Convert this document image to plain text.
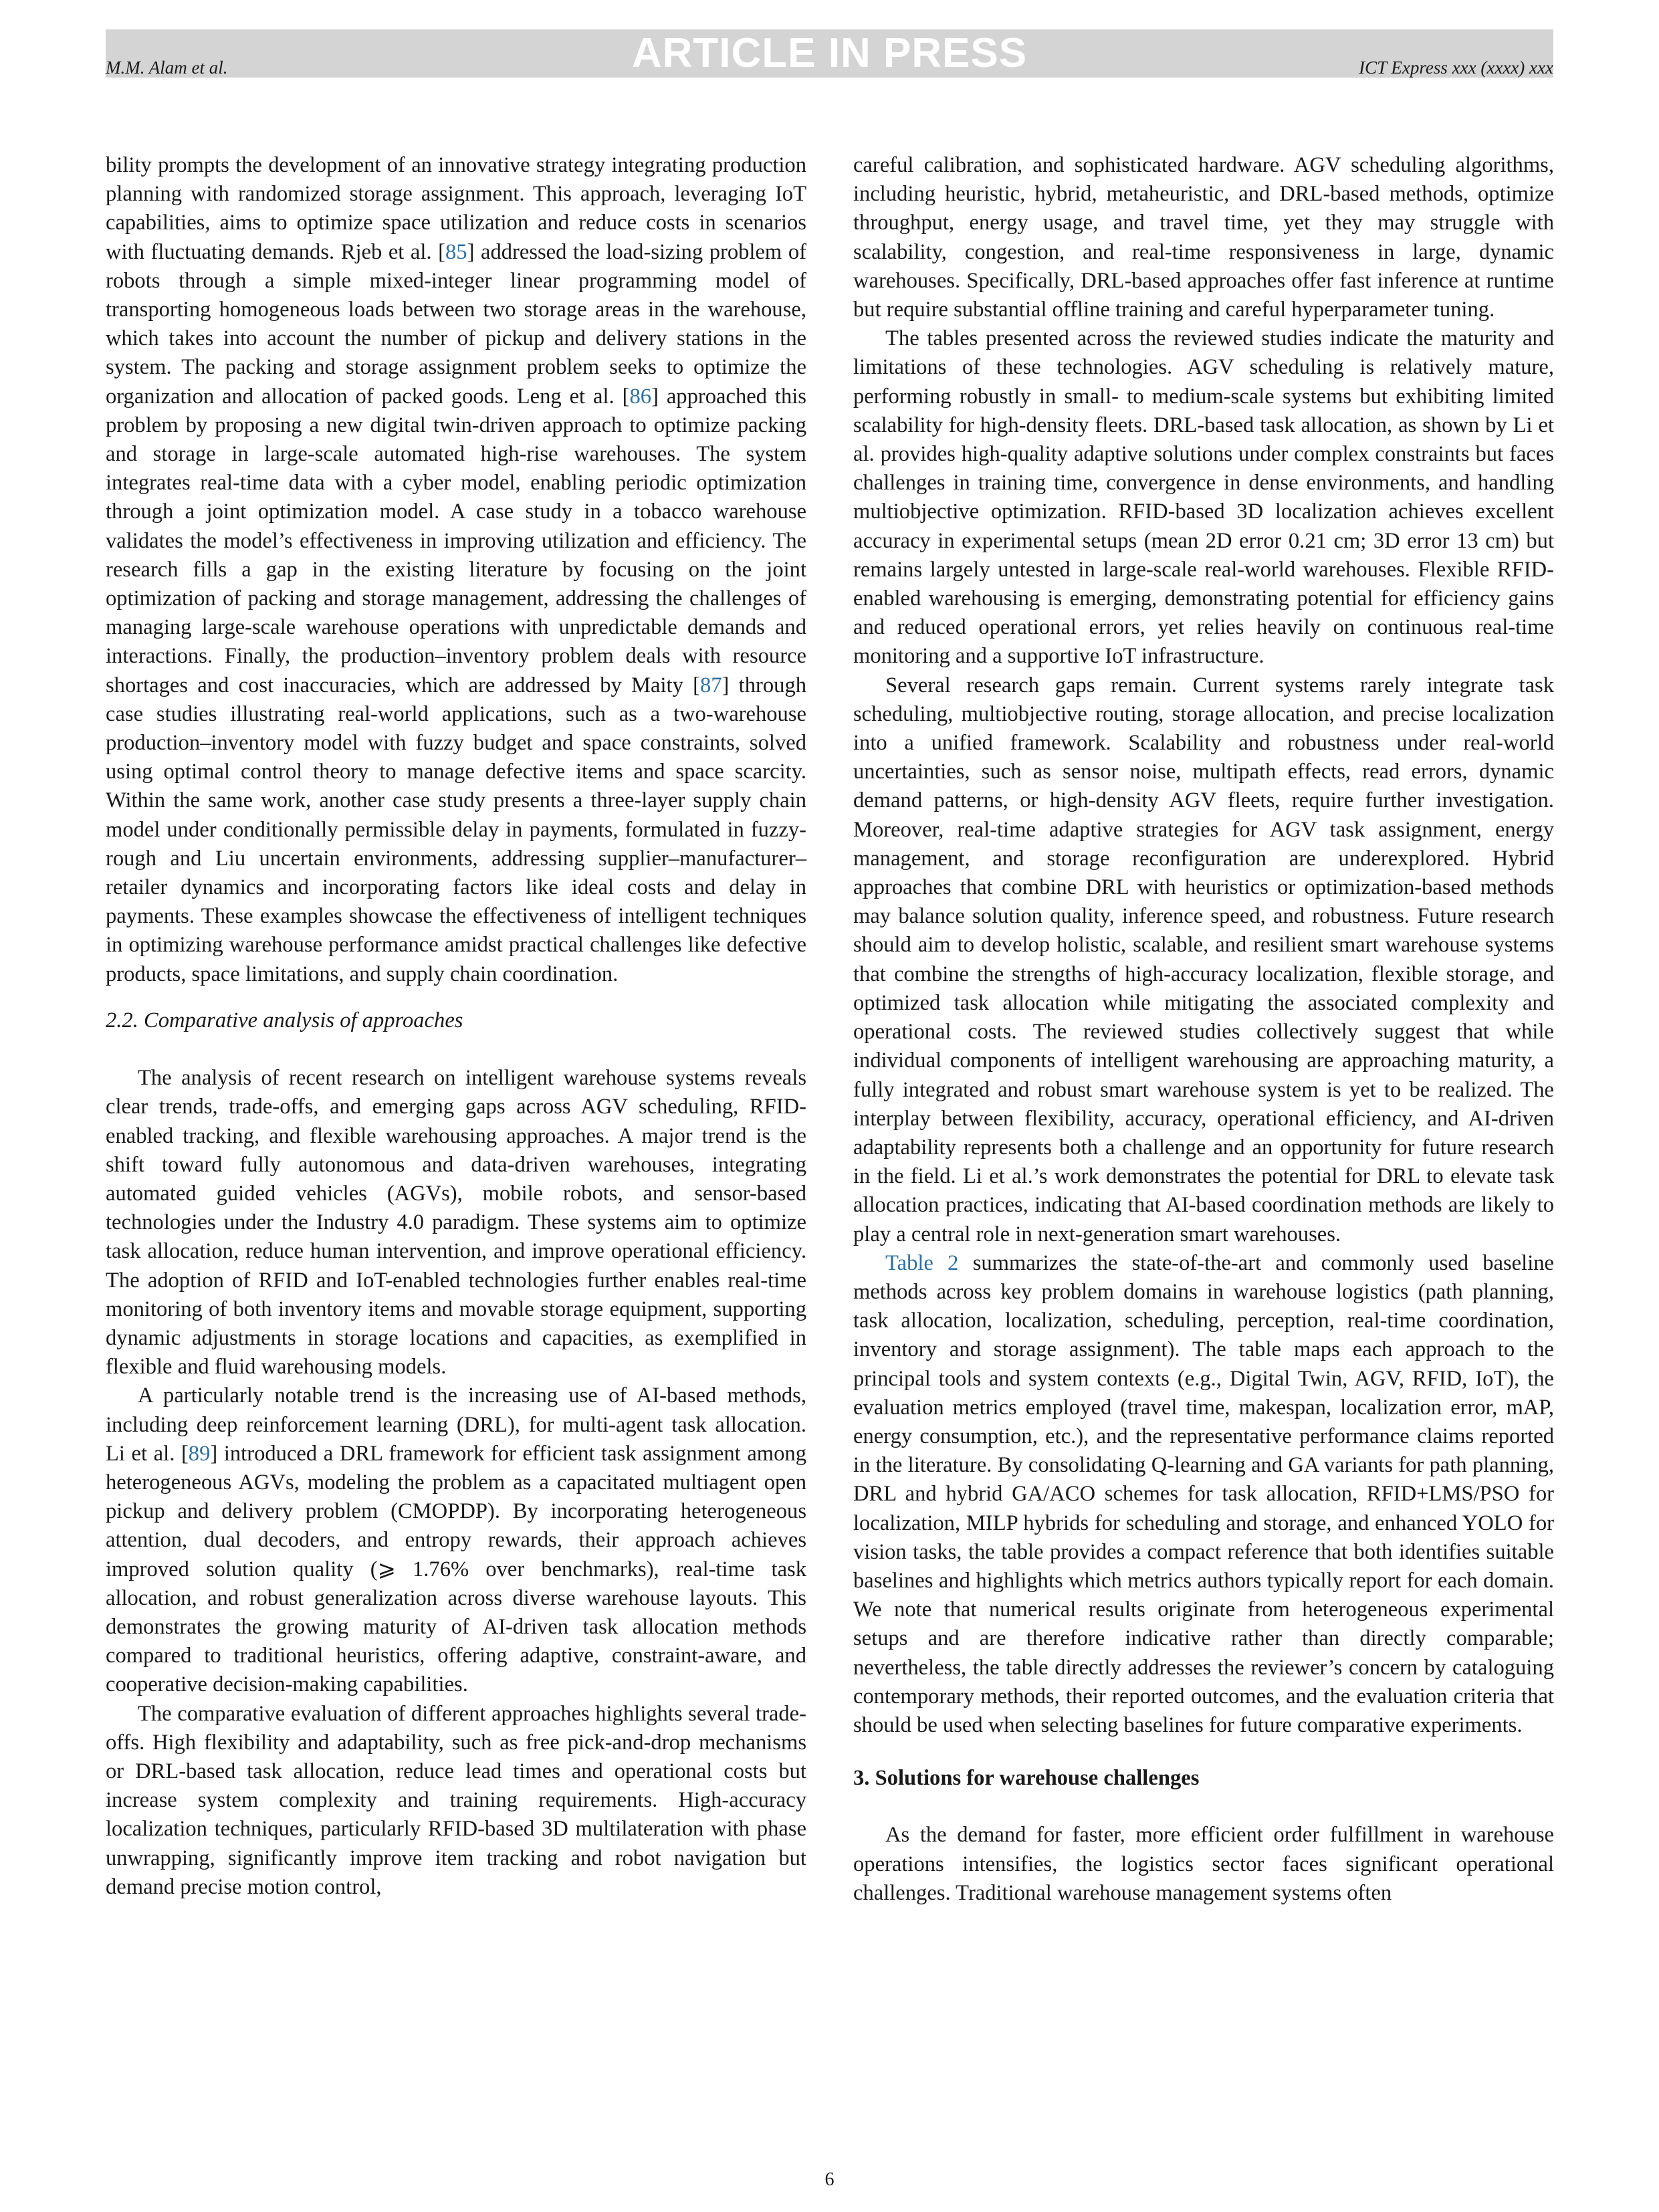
ARTICLE IN PRESS
M.M. Alam et al.	ICT Express xxx (xxxx) xxx

bility prompts the development of an innovative strategy integrating production planning with randomized storage assignment. This approach, leveraging IoT capabilities, aims to optimize space utilization and reduce costs in scenarios with fluctuating demands. Rjeb et al. [85] addressed the load-sizing problem of robots through a simple mixed-integer linear programming model of transporting homogeneous loads between two storage areas in the warehouse, which takes into account the number of pickup and delivery stations in the system. The packing and storage assignment problem seeks to optimize the organization and allocation of packed goods. Leng et al. [86] approached this problem by proposing a new digital twin-driven approach to optimize packing and storage in large-scale automated high-rise warehouses. The system integrates real-time data with a cyber model, enabling periodic optimization through a joint optimization model. A case study in a tobacco warehouse validates the model’s effectiveness in improving utilization and efficiency. The research fills a gap in the existing literature by focusing on the joint optimization of packing and storage management, addressing the challenges of managing large-scale warehouse operations with unpredictable demands and interactions. Finally, the production–inventory problem deals with resource shortages and cost inaccuracies, which are addressed by Maity [87] through case studies illustrating real-world applications, such as a two-warehouse production–inventory model with fuzzy budget and space constraints, solved using optimal control theory to manage defective items and space scarcity. Within the same work, another case study presents a three-layer supply chain model under conditionally permissible delay in payments, formulated in fuzzy-rough and Liu uncertain environments, addressing supplier–manufacturer–retailer dynamics and incorporating factors like ideal costs and delay in payments. These examples showcase the effectiveness of intelligent techniques in optimizing warehouse performance amidst practical challenges like defective products, space limitations, and supply chain coordination.

2.2. Comparative analysis of approaches

The analysis of recent research on intelligent warehouse systems reveals clear trends, trade-offs, and emerging gaps across AGV scheduling, RFID-enabled tracking, and flexible warehousing approaches. A major trend is the shift toward fully autonomous and data-driven warehouses, integrating automated guided vehicles (AGVs), mobile robots, and sensor-based technologies under the Industry 4.0 paradigm. These systems aim to optimize task allocation, reduce human intervention, and improve operational efficiency. The adoption of RFID and IoT-enabled technologies further enables real-time monitoring of both inventory items and movable storage equipment, supporting dynamic adjustments in storage locations and capacities, as exemplified in flexible and fluid warehousing models.

A particularly notable trend is the increasing use of AI-based methods, including deep reinforcement learning (DRL), for multi-agent task allocation. Li et al. [89] introduced a DRL framework for efficient task assignment among heterogeneous AGVs, modeling the problem as a capacitated multiagent open pickup and delivery problem (CMOPDP). By incorporating heterogeneous attention, dual decoders, and entropy rewards, their approach achieves improved solution quality (⩾ 1.76% over benchmarks), real-time task allocation, and robust generalization across diverse warehouse layouts. This demonstrates the growing maturity of AI-driven task allocation methods compared to traditional heuristics, offering adaptive, constraint-aware, and cooperative decision-making capabilities.

The comparative evaluation of different approaches highlights several trade-offs. High flexibility and adaptability, such as free pick-and-drop mechanisms or DRL-based task allocation, reduce lead times and operational costs but increase system complexity and training requirements. High-accuracy localization techniques, particularly RFID-based 3D multilateration with phase unwrapping, significantly improve item tracking and robot navigation but demand precise motion control,

careful calibration, and sophisticated hardware. AGV scheduling algorithms, including heuristic, hybrid, metaheuristic, and DRL-based methods, optimize throughput, energy usage, and travel time, yet they may struggle with scalability, congestion, and real-time responsiveness in large, dynamic warehouses. Specifically, DRL-based approaches offer fast inference at runtime but require substantial offline training and careful hyperparameter tuning.

The tables presented across the reviewed studies indicate the maturity and limitations of these technologies. AGV scheduling is relatively mature, performing robustly in small- to medium-scale systems but exhibiting limited scalability for high-density fleets. DRL-based task allocation, as shown by Li et al. provides high-quality adaptive solutions under complex constraints but faces challenges in training time, convergence in dense environments, and handling multiobjective optimization. RFID-based 3D localization achieves excellent accuracy in experimental setups (mean 2D error 0.21 cm; 3D error 13 cm) but remains largely untested in large-scale real-world warehouses. Flexible RFID-enabled warehousing is emerging, demonstrating potential for efficiency gains and reduced operational errors, yet relies heavily on continuous real-time monitoring and a supportive IoT infrastructure.

Several research gaps remain. Current systems rarely integrate task scheduling, multiobjective routing, storage allocation, and precise localization into a unified framework. Scalability and robustness under real-world uncertainties, such as sensor noise, multipath effects, read errors, dynamic demand patterns, or high-density AGV fleets, require further investigation. Moreover, real-time adaptive strategies for AGV task assignment, energy management, and storage reconfiguration are underexplored. Hybrid approaches that combine DRL with heuristics or optimization-based methods may balance solution quality, inference speed, and robustness. Future research should aim to develop holistic, scalable, and resilient smart warehouse systems that combine the strengths of high-accuracy localization, flexible storage, and optimized task allocation while mitigating the associated complexity and operational costs. The reviewed studies collectively suggest that while individual components of intelligent warehousing are approaching maturity, a fully integrated and robust smart warehouse system is yet to be realized. The interplay between flexibility, accuracy, operational efficiency, and AI-driven adaptability represents both a challenge and an opportunity for future research in the field. Li et al.’s work demonstrates the potential for DRL to elevate task allocation practices, indicating that AI-based coordination methods are likely to play a central role in next-generation smart warehouses.

Table 2 summarizes the state-of-the-art and commonly used baseline methods across key problem domains in warehouse logistics (path planning, task allocation, localization, scheduling, perception, real-time coordination, inventory and storage assignment). The table maps each approach to the principal tools and system contexts (e.g., Digital Twin, AGV, RFID, IoT), the evaluation metrics employed (travel time, makespan, localization error, mAP, energy consumption, etc.), and the representative performance claims reported in the literature. By consolidating Q-learning and GA variants for path planning, DRL and hybrid GA/ACO schemes for task allocation, RFID+LMS/PSO for localization, MILP hybrids for scheduling and storage, and enhanced YOLO for vision tasks, the table provides a compact reference that both identifies suitable baselines and highlights which metrics authors typically report for each domain. We note that numerical results originate from heterogeneous experimental setups and are therefore indicative rather than directly comparable; nevertheless, the table directly addresses the reviewer’s concern by cataloguing contemporary methods, their reported outcomes, and the evaluation criteria that should be used when selecting baselines for future comparative experiments.

3. Solutions for warehouse challenges

As the demand for faster, more efficient order fulfillment in warehouse operations intensifies, the logistics sector faces significant operational challenges. Traditional warehouse management systems often

6
